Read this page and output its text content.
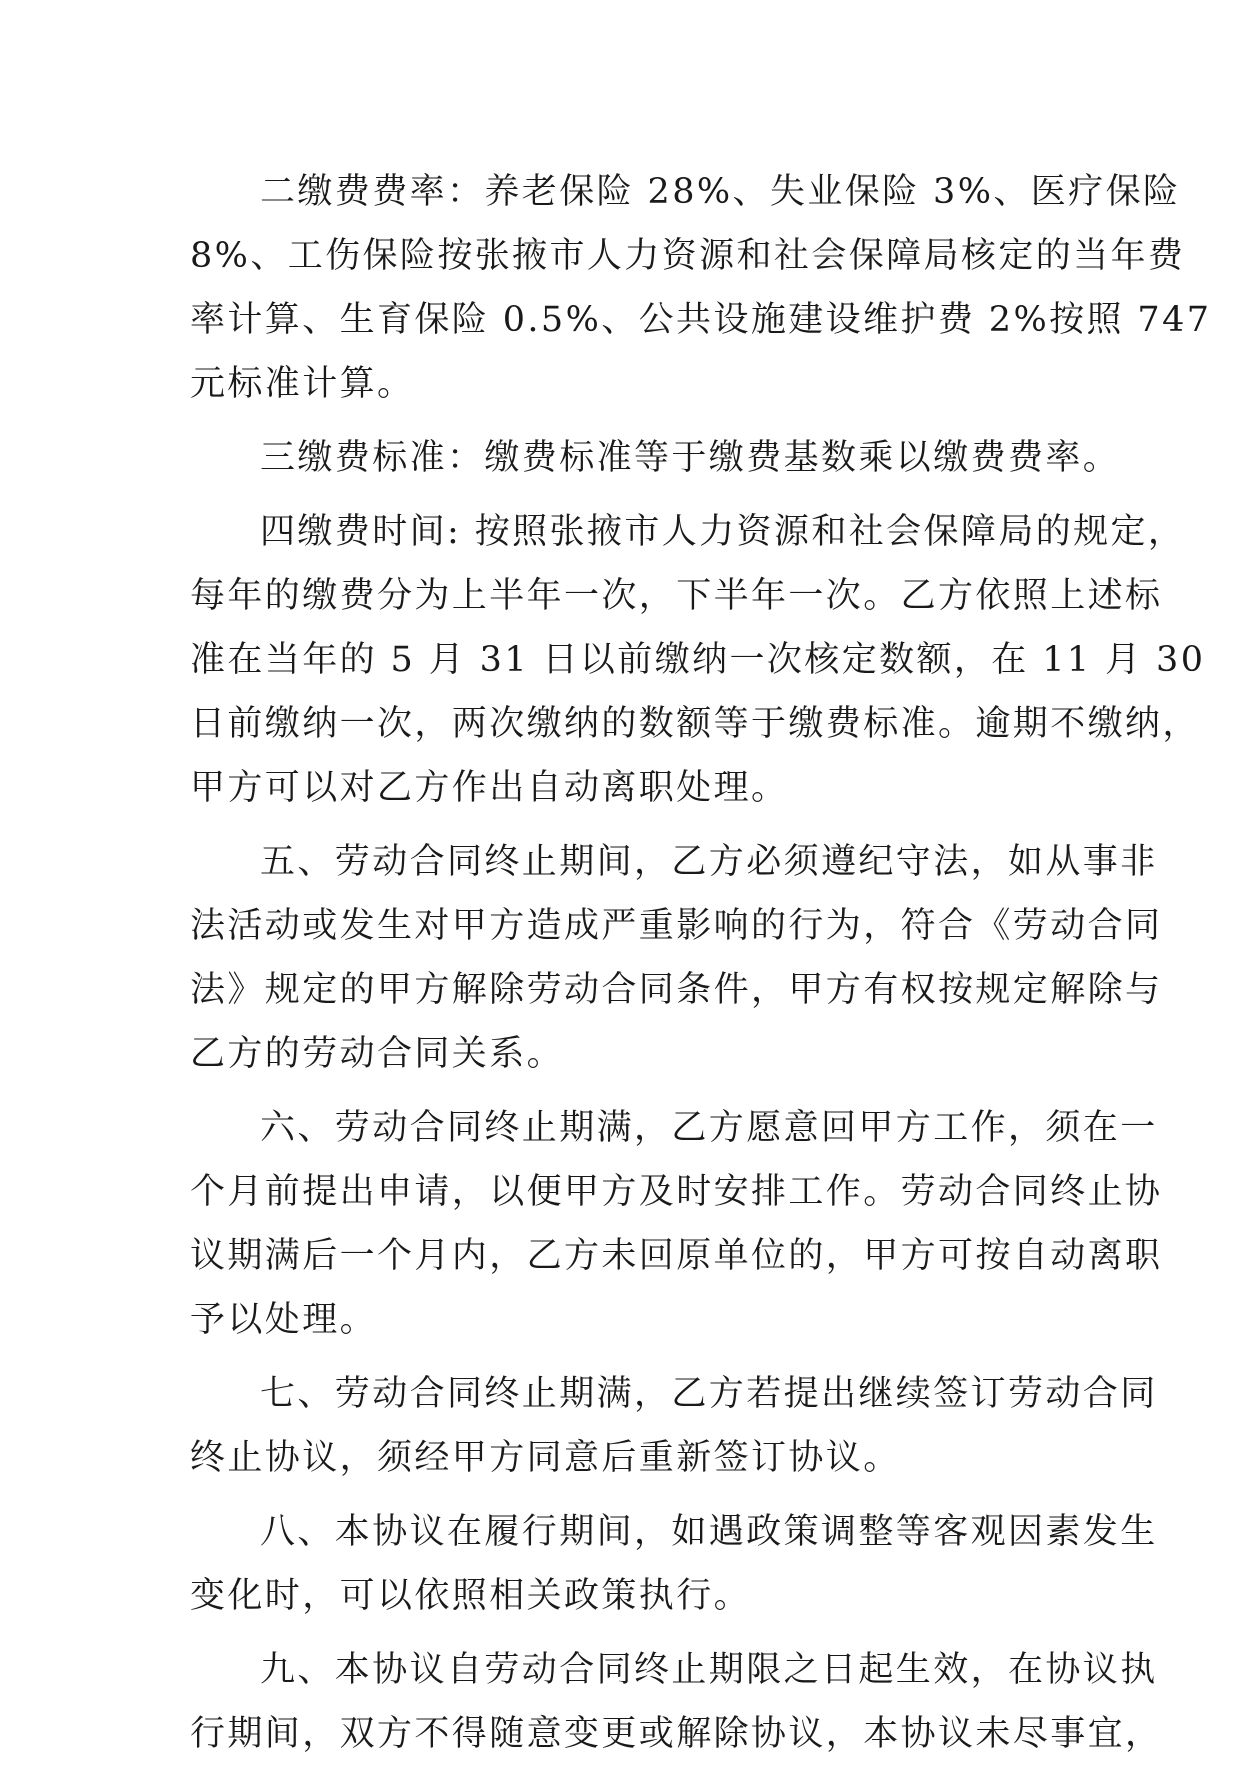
二缴费费率：养老保险 28%、失业保险 3%、医疗保险
8%、工伤保险按张掖市人力资源和社会保障局核定的当年费
率计算、生育保险 0.5%、公共设施建设维护费 2%按照 747
元标准计算。
三缴费标准：缴费标准等于缴费基数乘以缴费费率。
四缴费时间: 按照张掖市人力资源和社会保障局的规定，
每年的缴费分为上半年一次，下半年一次。乙方依照上述标
准在当年的 5 月 31 日以前缴纳一次核定数额，在 11 月 30
日前缴纳一次，两次缴纳的数额等于缴费标准。逾期不缴纳，
甲方可以对乙方作出自动离职处理。
五、劳动合同终止期间，乙方必须遵纪守法，如从事非
法活动或发生对甲方造成严重影响的行为，符合《劳动合同
法》规定的甲方解除劳动合同条件，甲方有权按规定解除与
乙方的劳动合同关系。
六、劳动合同终止期满，乙方愿意回甲方工作，须在一
个月前提出申请，以便甲方及时安排工作。劳动合同终止协
议期满后一个月内，乙方未回原单位的，甲方可按自动离职
予以处理。
七、劳动合同终止期满，乙方若提出继续签订劳动合同
终止协议，须经甲方同意后重新签订协议。
八、本协议在履行期间，如遇政策调整等客观因素发生
变化时，可以依照相关政策执行。
九、本协议自劳动合同终止期限之日起生效，在协议执
行期间，双方不得随意变更或解除协议，本协议未尽事宜，
